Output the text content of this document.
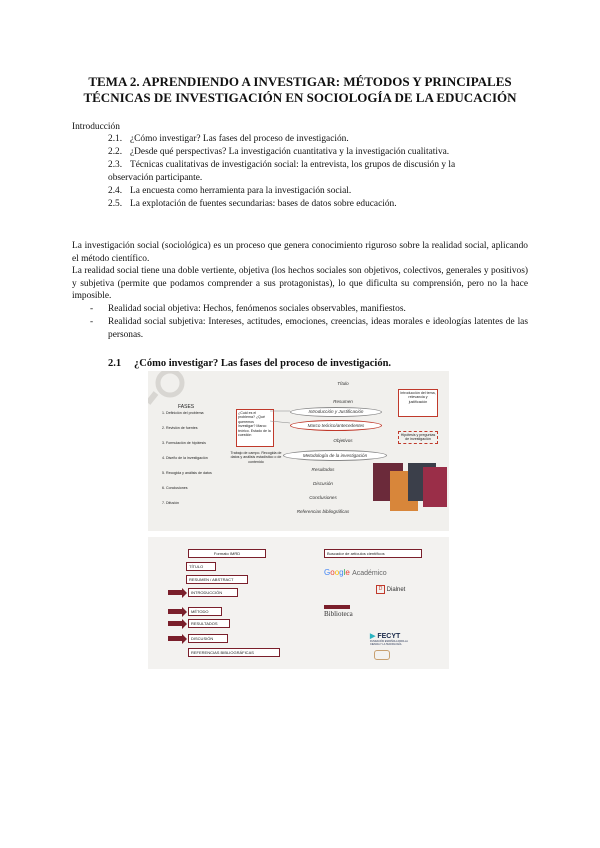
TEMA 2. APRENDIENDO A INVESTIGAR: MÉTODOS Y PRINCIPALES
TÉCNICAS DE INVESTIGACIÓN EN SOCIOLOGÍA DE LA EDUCACIÓN
Introducción
2.1. ¿Cómo investigar? Las fases del proceso de investigación.
2.2. ¿Desde qué perspectivas? La investigación cuantitativa y la investigación cualitativa.
2.3. Técnicas cualitativas de investigación social: la entrevista, los grupos de discusión y la
observación participante.
2.4. La encuesta como herramienta para la investigación social.
2.5. La explotación de fuentes secundarias: bases de datos sobre educación.
La investigación social (sociológica) es un proceso que genera conocimiento riguroso sobre la realidad social, aplicando el método científico.
La realidad social tiene una doble vertiente, objetiva (los hechos sociales son objetivos, colectivos, generales y positivos) y subjetiva (permite que podamos comprender a sus protagonistas), lo que dificulta su comprensión, pero no la hace imposible.
- Realidad social objetiva: Hechos, fenómenos sociales observables, manifiestos.
- Realidad social subjetiva: Intereses, actitudes, emociones, creencias, ideas morales e ideologías latentes de las personas.
2.1 ¿Cómo investigar? Las fases del proceso de investigación.
FASES
1. Definición del problema
2. Revisión de fuentes
3. Formulación de hipótesis
4. Diseño de la investigación
5. Recogida y análisis de datos
6. Conclusiones
7. Difusión
¿Cuál es el problema? ¿Qué queremos investigar? Marco teórico. Estado de la cuestión
Trabajo de campo. Recogida de datos y análisis estadístico o de contenido
Título
Resumen
Introducción y Justificación
Marco teórico/antecedentes
Objetivos
Metodología de la investigación
Resultados
Discusión
Conclusiones
Referencias bibliográficas
Introducción del tema, relevancia y justificación
Hipótesis y preguntas de investigación
Formato IMRD
TÍTULO
RESUMEN / ABSTRACT
INTRODUCCIÓN
MÉTODO
RESULTADOS
DISCUSIÓN
REFERENCIAS BIBLIOGRÁFICAS
Buscador de artículos científicos
Google Académico
D Dialnet
Biblioteca
▶ FECYT
FUNDACIÓN ESPAÑOLA PARA LA CIENCIA Y LA TECNOLOGÍA
